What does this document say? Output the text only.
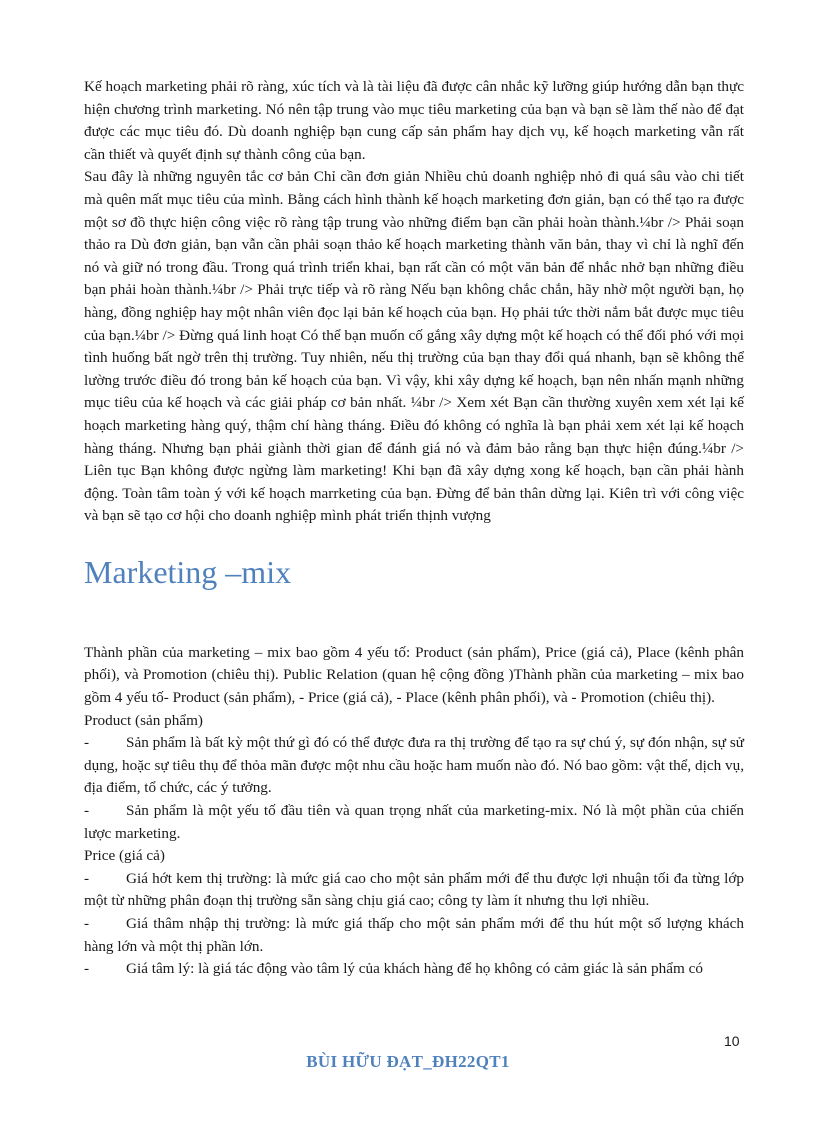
Kế hoạch marketing phải rõ ràng, xúc tích và là tài liệu đã được cân nhắc kỹ lưỡng giúp hướng dẫn bạn thực hiện chương trình marketing. Nó nên tập trung vào mục tiêu marketing của bạn và bạn sẽ làm thế nào để đạt được các mục tiêu đó. Dù doanh nghiệp bạn cung cấp sản phẩm hay dịch vụ, kế hoạch marketing vẫn rất cần thiết và quyết định sự thành công của bạn.

Sau đây là những nguyên tắc cơ bản Chỉ cần đơn giản Nhiều chủ doanh nghiệp nhỏ đi quá sâu vào chi tiết mà quên mất mục tiêu của mình. Bằng cách hình thành kế hoạch marketing đơn giản, bạn có thể tạo ra được một sơ đồ thực hiện công việc rõ ràng tập trung vào những điểm bạn cần phải hoàn thành.¼br /> Phải soạn thảo ra Dù đơn giản, bạn vẫn cần phải soạn thảo kế hoạch marketing thành văn bản, thay vì chỉ là nghĩ đến nó và giữ nó trong đầu. Trong quá trình triển khai, bạn rất cần có một văn bản để nhắc nhở bạn những điều bạn phải hoàn thành.¼br /> Phải trực tiếp và rõ ràng Nếu bạn không chắc chắn, hãy nhờ một người bạn, họ hàng, đồng nghiệp hay một nhân viên đọc lại bản kế hoạch của bạn. Họ phải tức thời nắm bắt được mục tiêu của bạn.¼br /> Đừng quá linh hoạt Có thể bạn muốn cố gắng xây dựng một kế hoạch có thể đối phó với mọi tình huống bất ngờ trên thị trường. Tuy nhiên, nếu thị trường của bạn thay đổi quá nhanh, bạn sẽ không thể lường trước điều đó trong bản kế hoạch của bạn. Vì vậy, khi xây dựng kế hoạch, bạn nên nhấn mạnh những mục tiêu của kế hoạch và các giải pháp cơ bản nhất. ¼br /> Xem xét Bạn cần thường xuyên xem xét lại kế hoạch marketing hàng quý, thậm chí hàng tháng. Điều đó không có nghĩa là bạn phải xem xét lại kế hoạch hàng tháng. Nhưng bạn phải giành thời gian để đánh giá nó và đảm bảo rằng bạn thực hiện đúng.¼br /> Liên tục Bạn không được ngừng làm marketing! Khi bạn đã xây dựng xong kế hoạch, bạn cần phải hành động. Toàn tâm toàn ý với kế hoạch marrketing của bạn. Đừng để bản thân dừng lại. Kiên trì với công việc và bạn sẽ tạo cơ hội cho doanh nghiệp mình phát triển thịnh vượng

Marketing –mix

Thành phần của marketing – mix bao gồm 4 yếu tố: Product (sản phẩm), Price (giá cả), Place (kênh phân phối), và Promotion (chiêu thị). Public Relation (quan hệ cộng đồng )Thành phần của marketing – mix bao gồm 4 yếu tố- Product (sản phẩm), - Price (giá cả), - Place (kênh phân phối), và - Promotion (chiêu thị).

Product (sản phẩm)

- Sản phẩm là bất kỳ một thứ gì đó có thể được đưa ra thị trường để tạo ra sự chú ý, sự đón nhận, sự sử dụng, hoặc sự tiêu thụ để thỏa mãn được một nhu cầu hoặc ham muốn nào đó. Nó bao gồm: vật thể, dịch vụ, địa điểm, tổ chức, các ý tưởng.
- Sản phẩm là một yếu tố đầu tiên và quan trọng nhất của marketing-mix. Nó là một phần của chiến lược marketing.

Price (giá cả)

- Giá hớt kem thị trường: là mức giá cao cho một sản phẩm mới để thu được lợi nhuận tối đa từng lớp một từ những phân đoạn thị trường sẵn sàng chịu giá cao; công ty làm ít nhưng thu lợi nhiều.
- Giá thâm nhập thị trường: là mức giá thấp cho một sản phẩm mới để thu hút một số lượng khách hàng lớn và một thị phần lớn.
- Giá tâm lý: là giá tác động vào tâm lý của khách hàng để họ không có cảm giác là sản phẩm có
10
BÙI HỮU ĐẠT_ĐH22QT1
